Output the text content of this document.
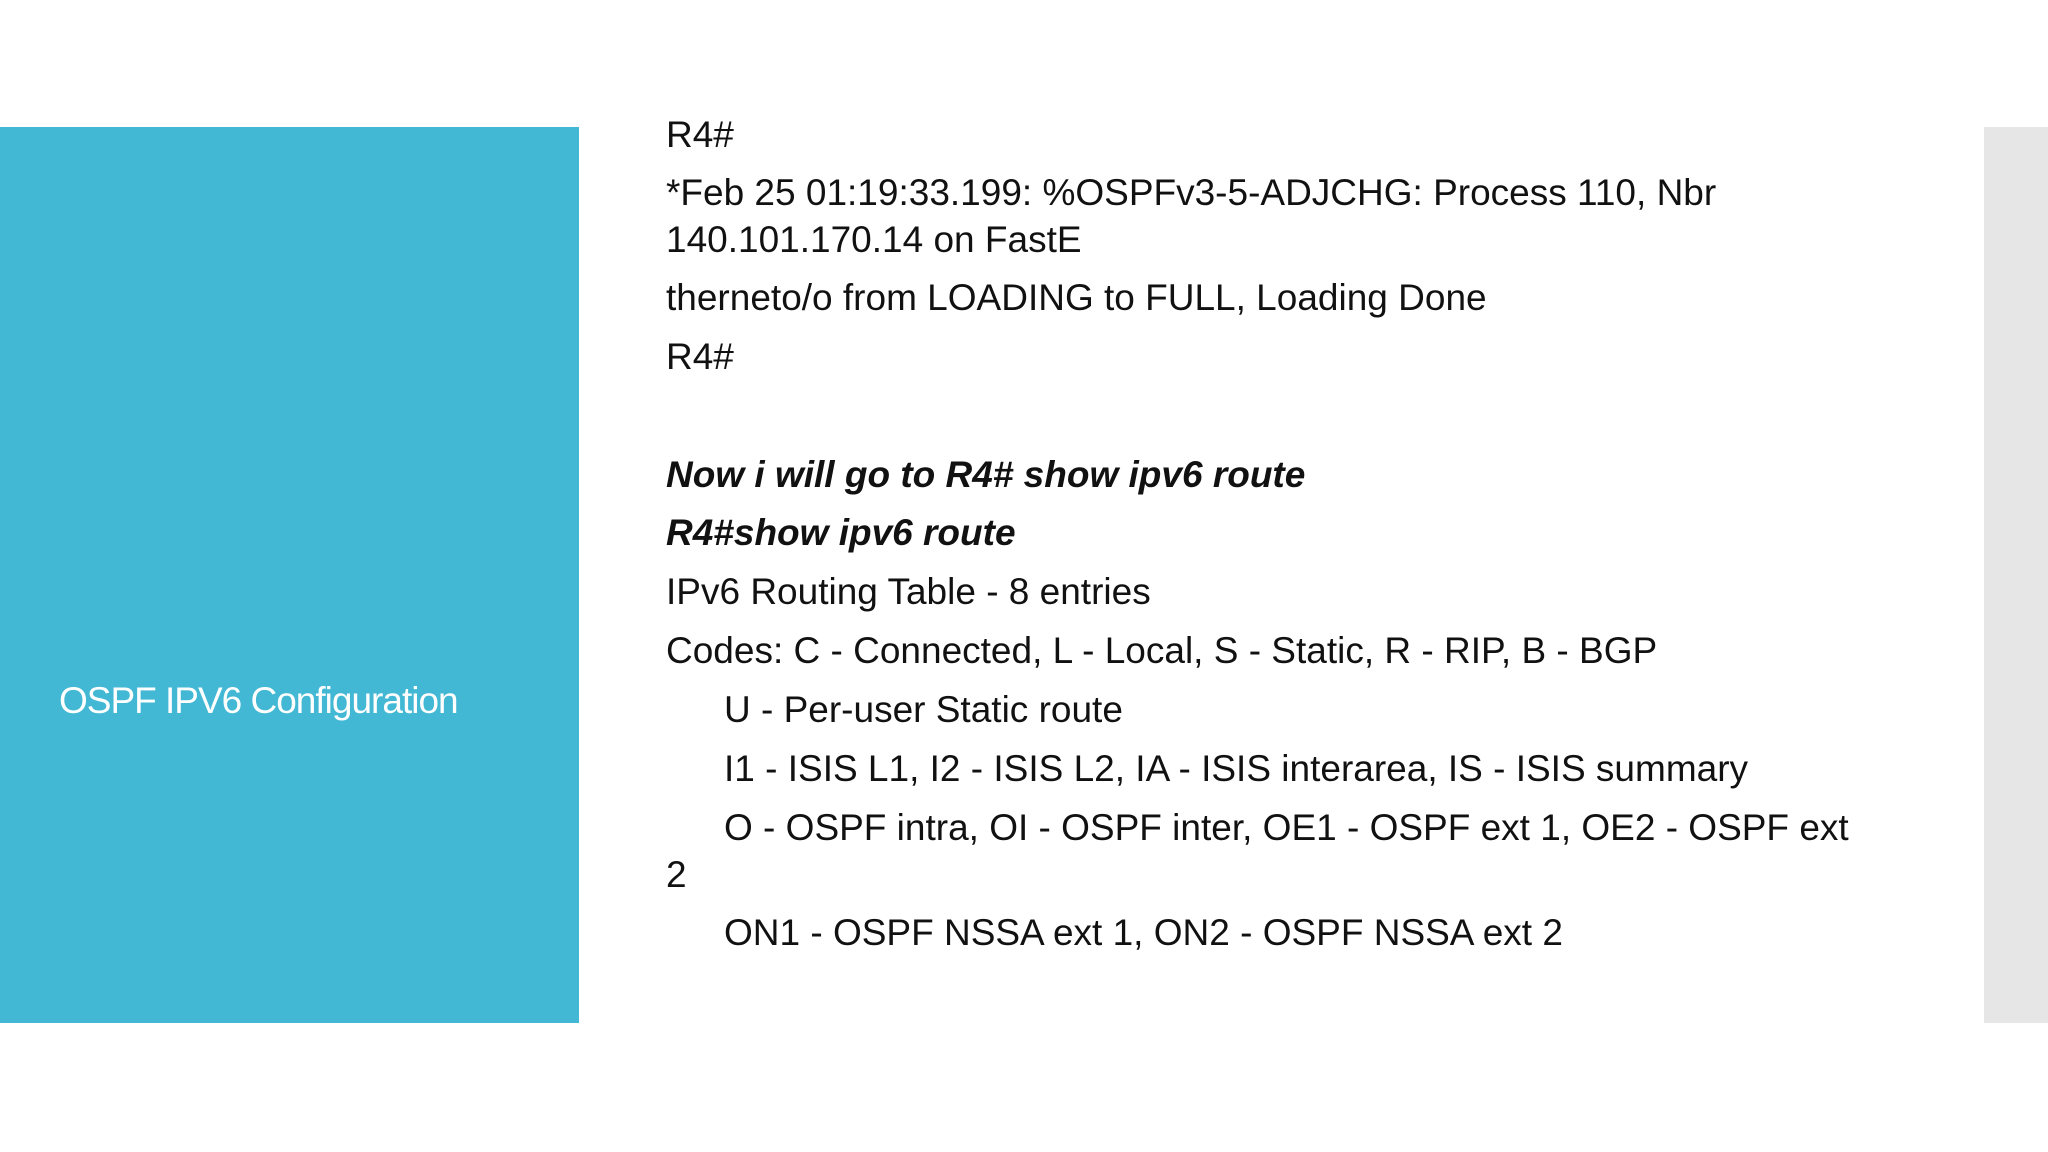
OSPF IPV6 Configuration
R4#
*Feb 25 01:19:33.199: %OSPFv3-5-ADJCHG: Process 110, Nbr
140.101.170.14 on FastE
therneto/o from LOADING to FULL, Loading Done
R4#
Now i will go to R4# show ipv6 route
R4#show ipv6 route
IPv6 Routing Table - 8 entries
Codes: C - Connected, L - Local, S - Static, R - RIP, B - BGP
U - Per-user Static route
I1 - ISIS L1, I2 - ISIS L2, IA - ISIS interarea, IS - ISIS summary
O - OSPF intra, OI - OSPF inter, OE1 - OSPF ext 1, OE2 - OSPF ext
2
ON1 - OSPF NSSA ext 1, ON2 - OSPF NSSA ext 2
